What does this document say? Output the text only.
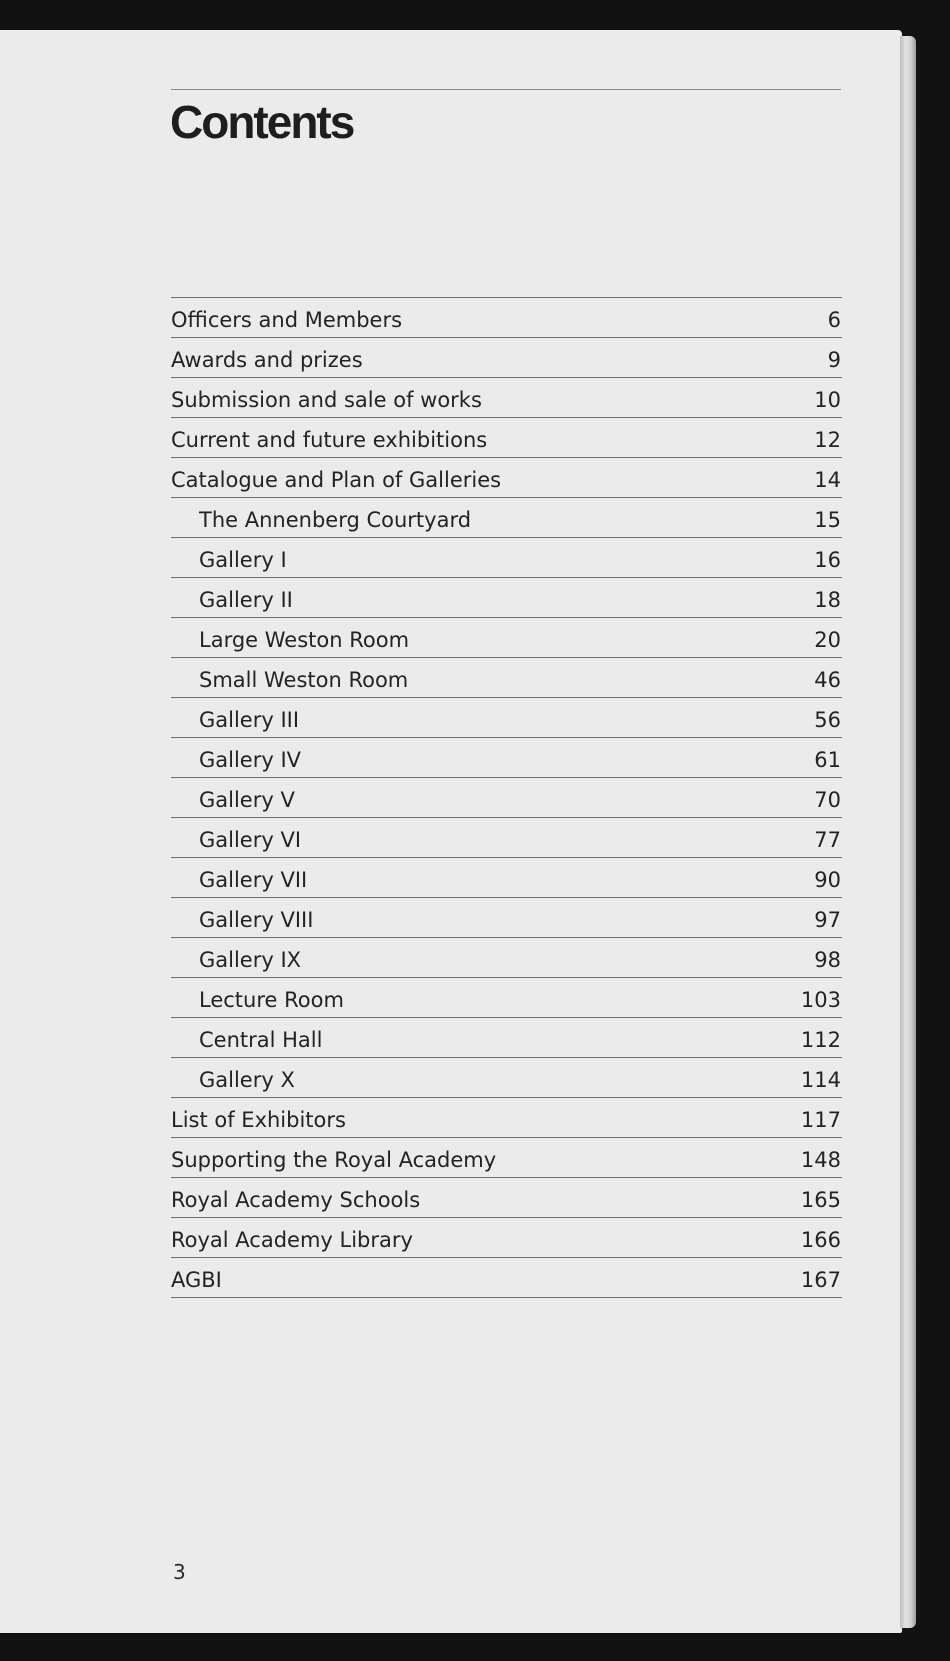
Contents
Officers and Members	6
Awards and prizes	9
Submission and sale of works	10
Current and future exhibitions	12
Catalogue and Plan of Galleries	14
The Annenberg Courtyard	15
Gallery I	16
Gallery II	18
Large Weston Room	20
Small Weston Room	46
Gallery III	56
Gallery IV	61
Gallery V	70
Gallery VI	77
Gallery VII	90
Gallery VIII	97
Gallery IX	98
Lecture Room	103
Central Hall	112
Gallery X	114
List of Exhibitors	117
Supporting the Royal Academy	148
Royal Academy Schools	165
Royal Academy Library	166
AGBI	167
3
